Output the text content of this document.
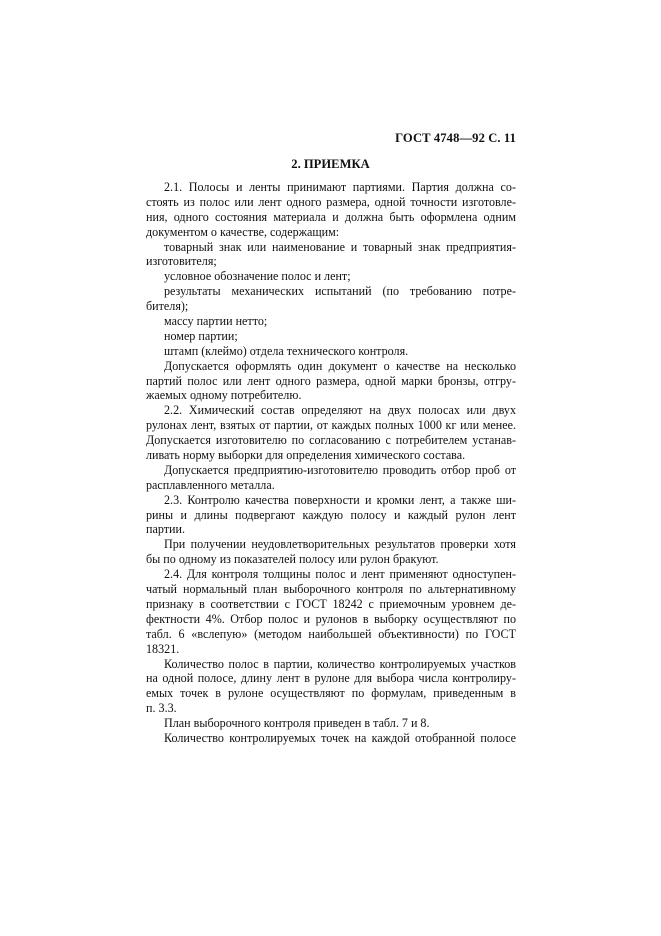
ГОСТ 4748—92 С. 11
2. ПРИЕМКА
2.1. Полосы и ленты принимают партиями. Партия должна со-
стоять из полос или лент одного размера, одной точности изготовле-
ния, одного состояния материала и должна быть оформлена одним
документом о качестве, содержащим:
товарный знак или наименование и товарный знак предприятия-
изготовителя;
условное обозначение полос и лент;
результаты механических испытаний (по требованию потре-
бителя);
массу партии нетто;
номер партии;
штамп (клеймо) отдела технического контроля.
Допускается оформлять один документ о качестве на несколько
партий полос или лент одного размера, одной марки бронзы, отгру-
жаемых одному потребителю.
2.2. Химический состав определяют на двух полосах или двух
рулонах лент, взятых от партии, от каждых полных 1000 кг или менее.
Допускается изготовителю по согласованию с потребителем устанав-
ливать норму выборки для определения химического состава.
Допускается предприятию-изготовителю проводить отбор проб от
расплавленного металла.
2.3. Контролю качества поверхности и кромки лент, а также ши-
рины и длины подвергают каждую полосу и каждый рулон лент
партии.
При получении неудовлетворительных результатов проверки хотя
бы по одному из показателей полосу или рулон бракуют.
2.4. Для контроля толщины полос и лент применяют одноступен-
чатый нормальный план выборочного контроля по альтернативному
признаку в соответствии с ГОСТ 18242 с приемочным уровнем де-
фектности 4%. Отбор полос и рулонов в выборку осуществляют по
табл. 6 «вслепую» (методом наибольшей объективности) по ГОСТ
18321.
Количество полос в партии, количество контролируемых участков
на одной полосе, длину лент в рулоне для выбора числа контролиру-
емых точек в рулоне осуществляют по формулам, приведенным в
п. 3.3.
План выборочного контроля приведен в табл. 7 и 8.
Количество контролируемых точек на каждой отобранной полосе
